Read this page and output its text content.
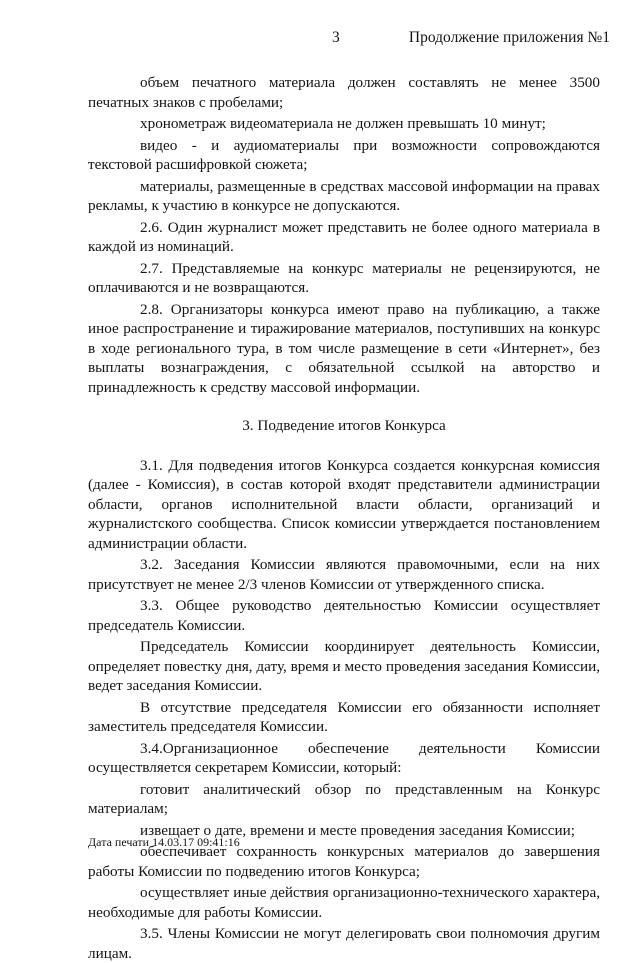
3	Продолжение приложения №1

объем печатного материала должен составлять не менее 3500 печатных знаков с пробелами;

хронометраж видеоматериала не должен превышать 10 минут;

видео - и аудиоматериалы при возможности сопровождаются текстовой расшифровкой сюжета;

материалы, размещенные в средствах массовой информации на правах рекламы, к участию в конкурсе не допускаются.

2.6. Один журналист может представить не более одного материала в каждой из номинаций.

2.7. Представляемые на конкурс материалы не рецензируются, не оплачиваются и не возвращаются.

2.8. Организаторы конкурса имеют право на публикацию, а также иное распространение и тиражирование материалов, поступивших на конкурс в ходе регионального тура, в том числе размещение в сети «Интернет», без выплаты вознаграждения, с обязательной ссылкой на авторство и принадлежность к средству массовой информации.

3. Подведение итогов Конкурса

3.1. Для подведения итогов Конкурса создается конкурсная комиссия (далее - Комиссия), в состав которой входят представители администрации области, органов исполнительной власти области, организаций и журналистского сообщества. Список комиссии утверждается постановлением администрации области.

3.2. Заседания Комиссии являются правомочными, если на них присутствует не менее 2/3 членов Комиссии от утвержденного списка.

3.3. Общее руководство деятельностью Комиссии осуществляет председатель Комиссии.

Председатель Комиссии координирует деятельность Комиссии, определяет повестку дня, дату, время и место проведения заседания Комиссии, ведет заседания Комиссии.

В отсутствие председателя Комиссии его обязанности исполняет заместитель председателя Комиссии.

3.4.Организационное обеспечение деятельности Комиссии осуществляется секретарем Комиссии, который:

готовит аналитический обзор по представленным на Конкурс материалам;

извещает о дате, времени и месте проведения заседания Комиссии;

обеспечивает сохранность конкурсных материалов до завершения работы Комиссии по подведению итогов Конкурса;

осуществляет иные действия организационно-технического характера, необходимые для работы Комиссии.

3.5. Члены Комиссии не могут делегировать свои полномочия другим лицам.

Дата печати 14.03.17 09:41:16
